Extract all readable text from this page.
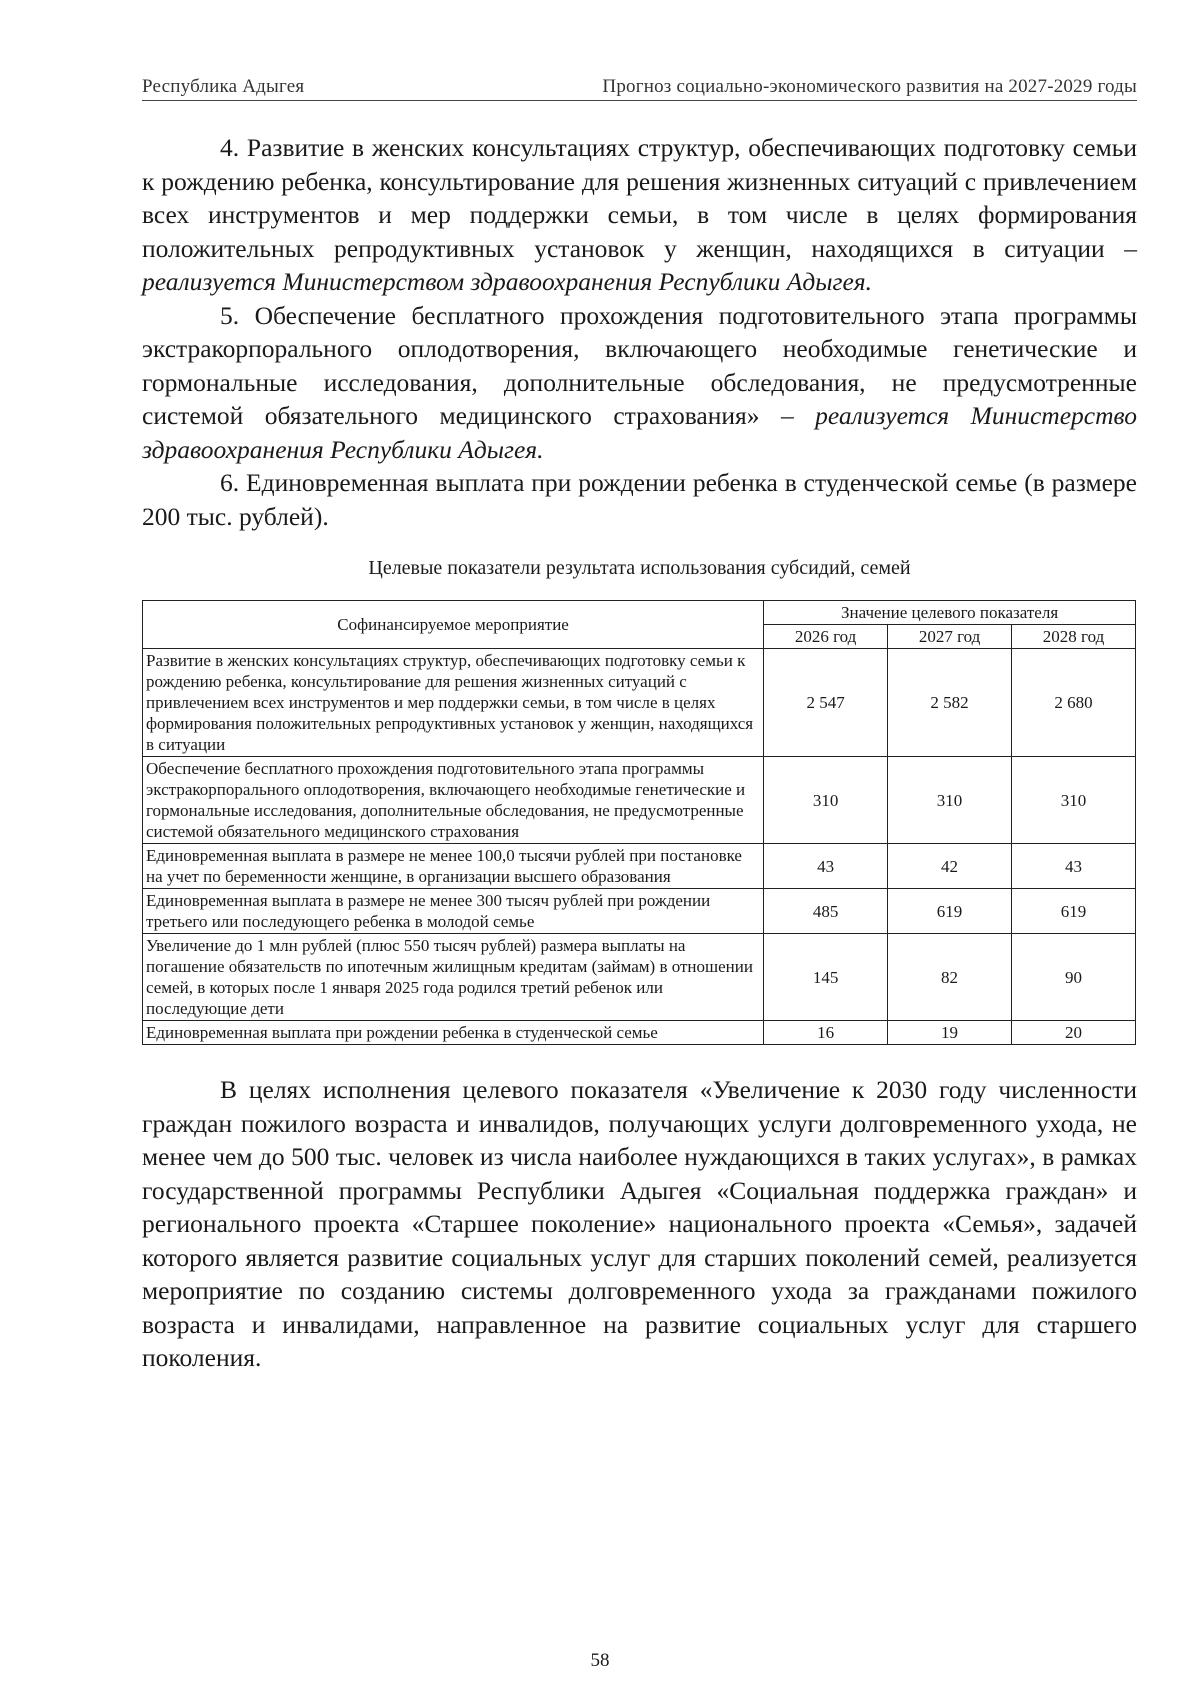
Республика Адыгея	Прогноз социально-экономического развития на 2027-2029 годы

4. Развитие в женских консультациях структур, обеспечивающих подготовку семьи к рождению ребенка, консультирование для решения жизненных ситуаций с привлечением всех инструментов и мер поддержки семьи, в том числе в целях формирования положительных репродуктивных установок у женщин, находящихся в ситуации – реализуется Министерством здравоохранения Республики Адыгея.

5. Обеспечение бесплатного прохождения подготовительного этапа программы экстракорпорального оплодотворения, включающего необходимые генетические и гормональные исследования, дополнительные обследования, не предусмотренные системой обязательного медицинского страхования» – реализуется Министерство здравоохранения Республики Адыгея.

6. Единовременная выплата при рождении ребенка в студенческой семье (в размере 200 тыс. рублей).

Целевые показатели результата использования субсидий, семей
Софинансируемое мероприятие	Значение целевого показателя		
	2026 год	2027 год	2028 год
Развитие в женских консультациях структур, обеспечивающих подготовку семьи к рождению ребенка, консультирование для решения жизненных ситуаций с привлечением всех инструментов и мер поддержки семьи, в том числе в целях формирования положительных репродуктивных установок у женщин, находящихся в ситуации	2 547	2 582	2 680
Обеспечение бесплатного прохождения подготовительного этапа программы экстракорпорального оплодотворения, включающего необходимые генетические и гормональные исследования, дополнительные обследования, не предусмотренные системой обязательного медицинского страхования	310	310	310
Единовременная выплата в размере не менее 100,0 тысячи рублей при постановке на учет по беременности женщине, в организации высшего образования	43	42	43
Единовременная выплата в размере не менее 300 тысяч рублей при рождении третьего или последующего ребенка в молодой семье	485	619	619
Увеличение до 1 млн рублей (плюс 550 тысяч рублей) размера выплаты на погашение обязательств по ипотечным жилищным кредитам (займам) в отношении семей, в которых после 1 января 2025 года родился третий ребенок или последующие дети	145	82	90
Единовременная выплата при рождении ребенка в студенческой семье	16	19	20

В целях исполнения целевого показателя «Увеличение к 2030 году численности граждан пожилого возраста и инвалидов, получающих услуги долговременного ухода, не менее чем до 500 тыс. человек из числа наиболее нуждающихся в таких услугах», в рамках государственной программы Республики Адыгея «Социальная поддержка граждан» и регионального проекта «Старшее поколение» национального проекта «Семья», задачей которого является развитие социальных услуг для старших поколений семей, реализуется мероприятие по созданию системы долговременного ухода за гражданами пожилого возраста и инвалидами, направленное на развитие социальных услуг для старшего поколения.

58
